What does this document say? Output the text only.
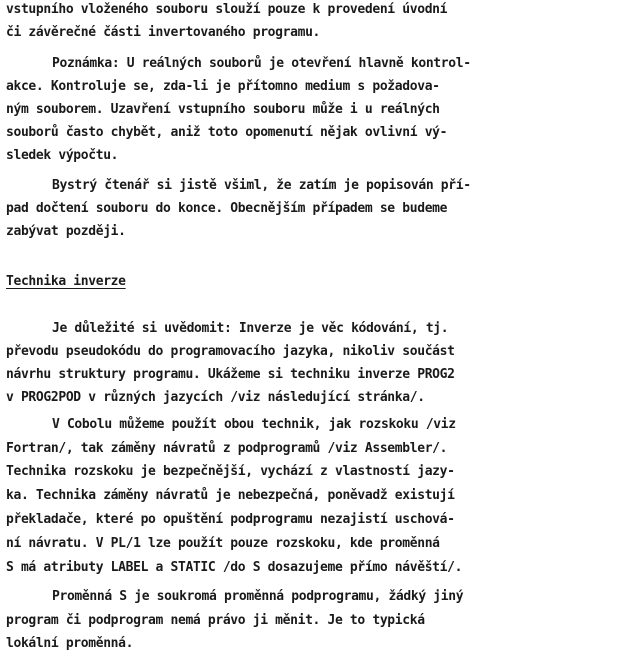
vstupního vloženého souboru slouží pouze k provedení úvodní
či závěrečné části invertovaného programu.
Poznámka: U reálných souborů je otevření hlavně kontrol-
akce. Kontroluje se, zda-li je přítomno medium s požadova-
ným souborem. Uzavření vstupního souboru může i u reálných
souborů často chybět, aniž toto opomenutí nějak ovlivní vý-
sledek výpočtu.
Bystrý čtenář si jistě všiml, že zatím je popisován pří-
pad dočtení souboru do konce. Obecnějším případem se budeme
zabývat později.
Technika inverze
Je důležité si uvědomit: Inverze je věc kódování, tj.
převodu pseudokódu do programovacího jazyka, nikoliv součást
návrhu struktury programu. Ukážeme si techniku inverze PROG2
v PROG2POD v různých jazycích /viz následující stránka/.
V Cobolu můžeme použít obou technik, jak rozskoku /viz
Fortran/, tak záměny návratů z podprogramů /viz Assembler/.
Technika rozskoku je bezpečnější, vychází z vlastností jazy-
ka. Technika záměny návratů je nebezpečná, poněvadž existují
překladače, které po opuštění podprogramu nezajistí uschová-
ní návratu. V PL/1 lze použít pouze rozskoku, kde proměnná
S má atributy LABEL a STATIC /do S dosazujeme přímo návěští/.
Proměnná S je soukromá proměnná podprogramu, žádký jiný
program či podprogram nemá právo ji měnit. Je to typická
lokální proměnná.
